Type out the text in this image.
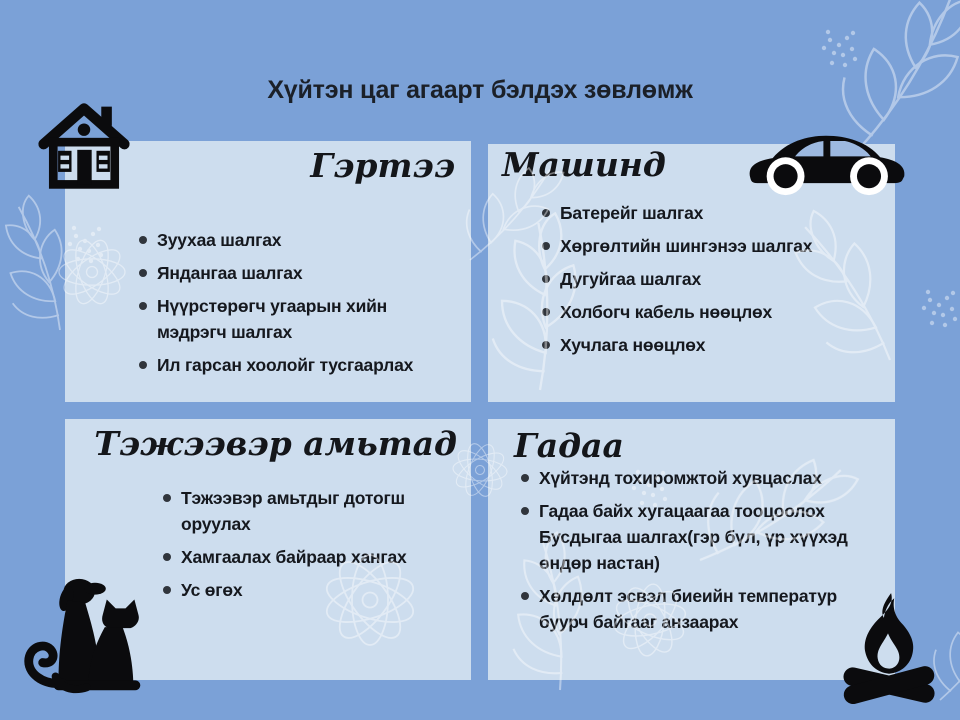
Гэртээ
Зуухаа шалгах
Яндангаа шалгах
Нүүрстөрөгч угаарын хийн мэдрэгч шалгах
Ил гарсан хоолойг тусгаарлах
Машинд
Батерейг шалгах
Хөргөлтийн шингэнээ шалгах
Дугуйгаа шалгах
Холбогч кабель нөөцлөх
Хучлага нөөцлөх
Тэжээвэр амьтад
Тэжээвэр амьтдыг дотогш оруулах
Хамгаалах байраар хангах
Ус өгөх
Гадаа
Хүйтэнд тохиромжтой хувцаслах
Гадаа байх хугацаагаа тооцоолох Бусдыгаа шалгах(гэр бүл, үр хүүхэд өндөр настан)
Хөлдөлт эсвэл биеийн температур буурч байгааг анзаарах
Хүйтэн цаг агаарт бэлдэх зөвлөмж
